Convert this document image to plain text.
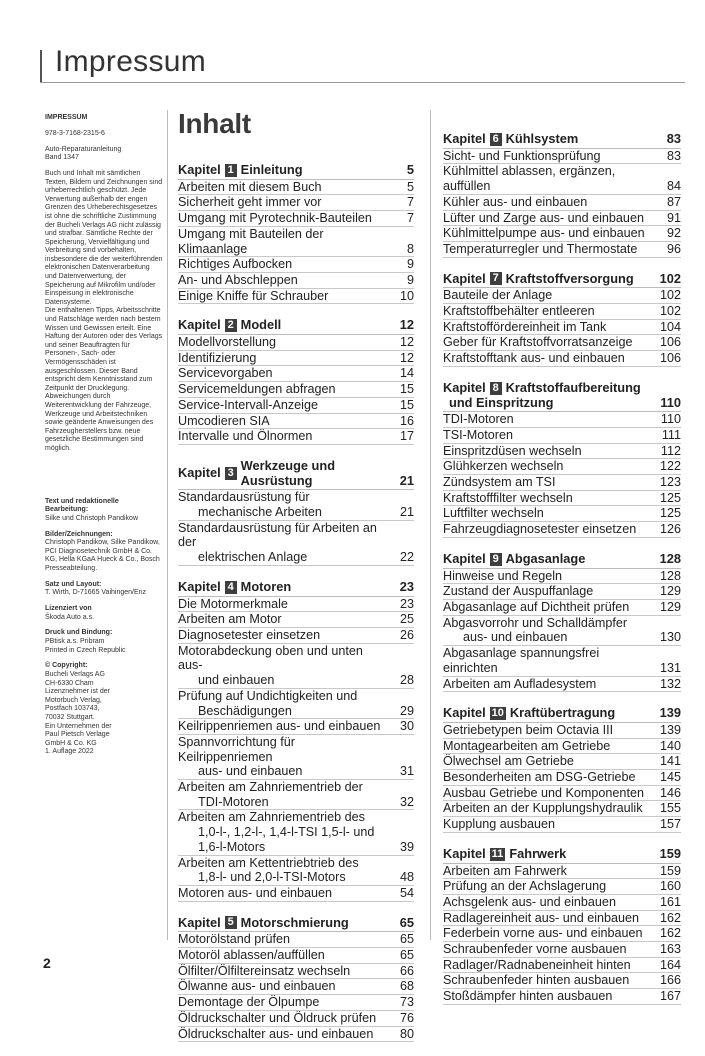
Impressum
IMPRESSUM
978-3-7168-2315-6
Auto-Reparaturanleitung
Band 1347
Buch und Inhalt mit sämtlichen Texten, Bildern und Zeichnungen sind urheberrechtlich geschützt. Jede Verwertung außerhalb der engen Grenzen des Urheberechtsgesetzes ist ohne die schriftliche Zustimmung der Bucheli Verlags AG nicht zulässig und strafbar. Sämtliche Rechte der Speicherung, Vervielfältigung und Verbreitung sind vorbehalten, insbesondere die der weiterführenden elektronischen Datenverarbeitung und Datenverwertung, der Speicherung auf Mikrofilm und/oder Einspeisung in elektronische Datensysteme.
Die enthaltenen Tipps, Arbeitsschritte und Ratschläge werden nach bestem Wissen und Gewissen erteilt. Eine Haftung der Autoren oder des Verlags und seiner Beauftragten für Personen-, Sach- oder Vermögensschäden ist ausgeschlossen. Dieser Band entspricht dem Kenntnisstand zum Zeitpunkt der Drucklegung. Abweichungen durch Weiterentwicklung der Fahrzeuge, Werkzeuge und Arbeitstechniken sowie geänderte Anweisungen des Fahrzeugherstellers bzw. neue gesetzliche Bestimmungen sind möglich.
Text und redaktionelle Bearbeitung:
Silke und Christoph Pandikow
Bilder/Zeichnungen:
Christoph Pandikow, Silke Pandikow, PCI Diagnosetechnik GmbH & Co. KG, Hella KGaA Hueck & Co., Bosch Presseabteilung.
Satz und Layout:
T. Wirth, D-71665 Vaihingen/Enz
Lizenziert von
Škoda Auto a.s.
Druck und Bindung:
PBtisk a.s. Pribram
Printed in Czech Republic
© Copyright:
Bucheli Verlags AG
CH-6330 Cham
Lizenznehmer ist der
Motorbuch Verlag,
Postfach 103743,
70032 Stuttgart.
Ein Unternehmen der
Paul Pietsch Verlage
GmbH & Co. KG
1. Auflage 2022
Inhalt
Kapitel 1 Einleitung	5
Arbeiten mit diesem Buch	5
Sicherheit geht immer vor	7
Umgang mit Pyrotechnik-Bauteilen	7
Umgang mit Bauteilen der Klimaanlage	8
Richtiges Aufbocken	9
An- und Abschleppen	9
Einige Kniffe für Schrauber	10
Kapitel 2 Modell	12
Modellvorstellung	12
Identifizierung	12
Servicevorgaben	14
Servicemeldungen abfragen	15
Service-Intervall-Anzeige	15
Umcodieren SIA	16
Intervalle und Ölnormen	17
Kapitel 3
Werkzeuge und Ausrüstung	21
Standardausrüstung für
mechanische Arbeiten	21
Standardausrüstung für Arbeiten an der
elektrischen Anlage	22
Kapitel 4 Motoren	23
Die Motormerkmale	23
Arbeiten am Motor	25
Diagnosetester einsetzen	26
Motorabdeckung oben und unten aus-
und einbauen	28
Prüfung auf Undichtigkeiten und
Beschädigungen	29
Keilrippenriemen aus- und einbauen	30
Spannvorrichtung für Keilrippenriemen
aus- und einbauen	31
Arbeiten am Zahnriementrieb der
TDI-Motoren	32
Arbeiten am Zahnriementrieb des
1,0-l-, 1,2-l-, 1,4-l-TSI 1,5-l- und
1,6-l-Motors	39
Arbeiten am Kettentriebtrieb des
1,8-l- und 2,0-l-TSI-Motors	48
Motoren aus- und einbauen	54
Kapitel 5 Motorschmierung	65
Motorölstand prüfen	65
Motoröl ablassen/auffüllen	65
Ölfilter/Ölfiltereinsatz wechseln	66
Ölwanne aus- und einbauen	68
Demontage der Ölpumpe	73
Öldruckschalter und Öldruck prüfen	76
Öldruckschalter aus- und einbauen	80
Kapitel 6 Kühlsystem	83
Sicht- und Funktionsprüfung	83
Kühlmittel ablassen, ergänzen, auffüllen	84
Kühler aus- und einbauen	87
Lüfter und Zarge aus- und einbauen	91
Kühlmittelpumpe aus- und einbauen	92
Temperaturregler und Thermostate	96
Kapitel 7 Kraftstoffversorgung 102
Bauteile der Anlage	102
Kraftstoffbehälter entleeren	102
Kraftstoffördereinheit im Tank	104
Geber für Kraftstoffvorratsanzeige	106
Kraftstofftank aus- und einbauen	106
Kapitel 8 Kraftstoffaufbereitung
und Einspritzung	110
TDI-Motoren	110
TSI-Motoren	111
Einspritzdüsen wechseln	112
Glühkerzen wechseln	122
Zündsystem am TSI	123
Kraftstofffilter wechseln	125
Luftfilter wechseln	125
Fahrzeugdiagnosetester einsetzen	126
Kapitel 9 Abgasanlage	128
Hinweise und Regeln	128
Zustand der Auspuffanlage	129
Abgasanlage auf Dichtheit prüfen	129
Abgasvorrohr und Schalldämpfer
aus- und einbauen	130
Abgasanlage spannungsfrei einrichten	131
Arbeiten am Aufladesystem	132
Kapitel 10 Kraftübertragung	139
Getriebetypen beim Octavia III	139
Montagearbeiten am Getriebe	140
Ölwechsel am Getriebe	141
Besonderheiten am DSG-Getriebe	145
Ausbau Getriebe und Komponenten	146
Arbeiten an der Kupplungshydraulik	155
Kupplung ausbauen	157
Kapitel 11 Fahrwerk	159
Arbeiten am Fahrwerk	159
Prüfung an der Achslagerung	160
Achsgelenk aus- und einbauen	161
Radlagereinheit aus- und einbauen	162
Federbein vorne aus- und einbauen	162
Schraubenfeder vorne ausbauen	163
Radlager/Radnabeneinheit hinten	164
Schraubenfeder hinten ausbauen	166
Stoßdämpfer hinten ausbauen	167
2
